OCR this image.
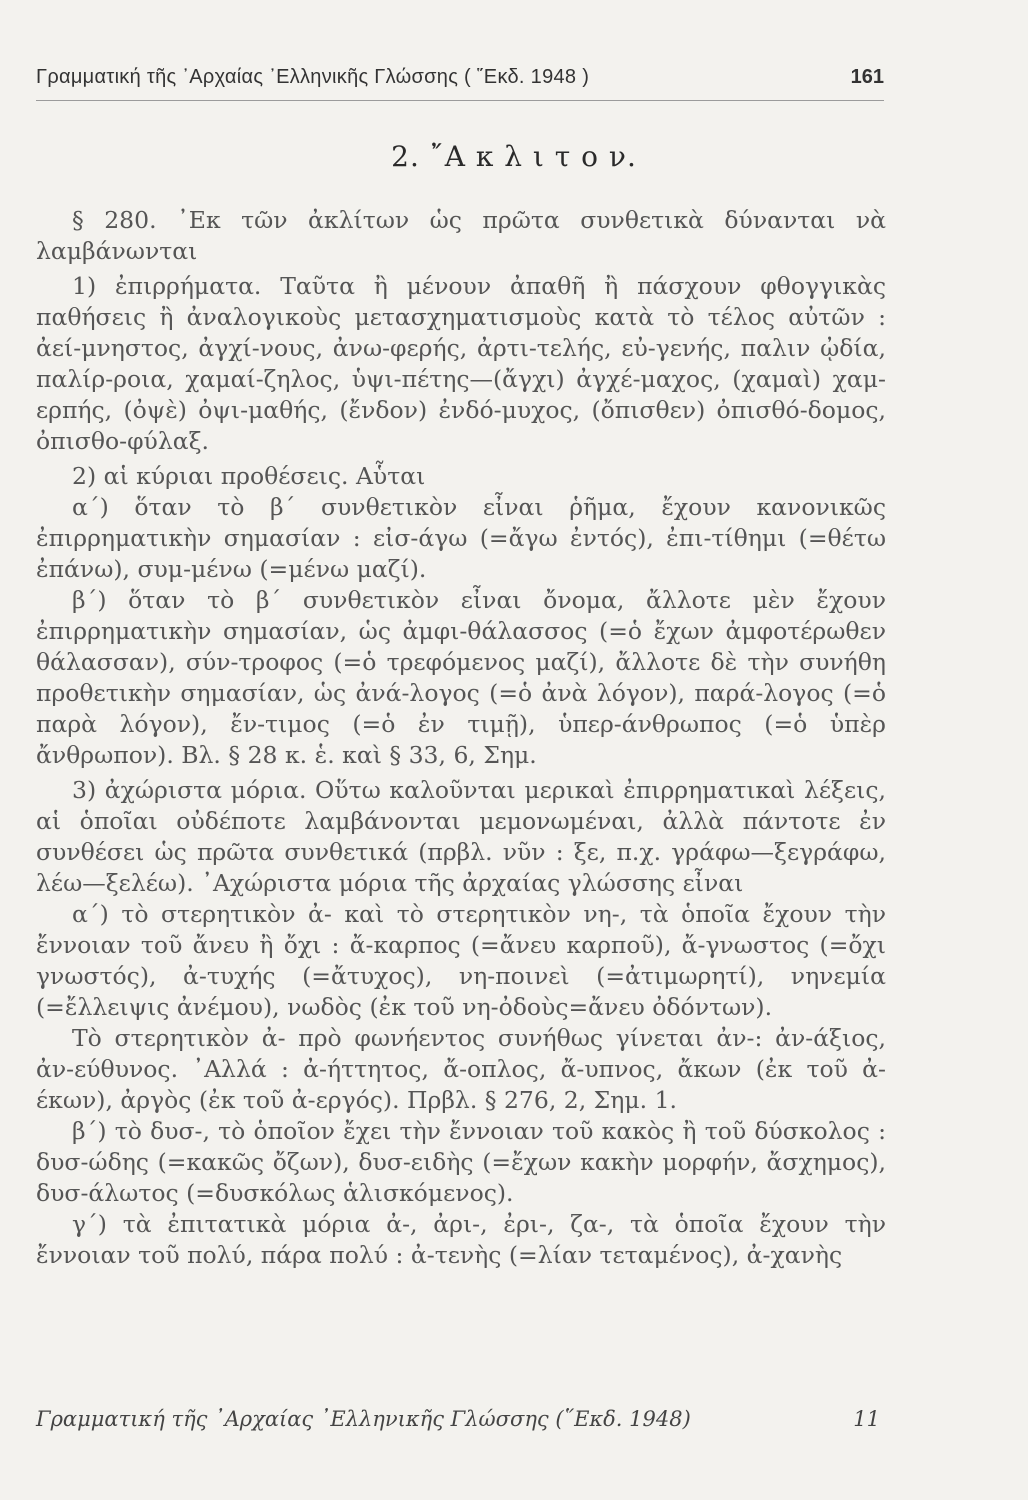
Γραμματική τῆς ᾿Αρχαίας ᾿Ελληνικῆς Γλώσσης ( ῞Εκδ. 1948 )	161
2. ῎Α κ λ ι τ ο ν.

§ 280. ᾿Εκ τῶν ἀκλίτων ὡς πρῶτα συνθετικὰ δύνανται νὰ λαμβάνωνται

1) ἐπιρρήματα. Ταῦτα ἢ μένουν ἀπαθῆ ἢ πάσχουν φθογγικὰς παθήσεις ἢ ἀναλογικοὺς μετασχηματισμοὺς κατὰ τὸ τέλος αὐτῶν : ἀεί-μνηστος, ἀγχί-νους, ἀνω-φερής, ἀρτι-τελής, εὐ-γενής, παλιν ᾠδία, παλίρ-ροια, χαμαί-ζηλος, ὑψι-πέτης—(ἄγχι) ἀγχέ-μαχος, (χαμαὶ) χαμ-ερπής, (ὀψὲ) ὀψι-μαθής, (ἔνδον) ἐνδό-μυχος, (ὄπισθεν) ὀπισθό-δομος, ὀπισθο-φύλαξ.

2) αἱ κύριαι προθέσεις. Αὗται

α΄) ὅταν τὸ β΄ συνθετικὸν εἶναι ῥῆμα, ἔχουν κανονικῶς ἐπιρρηματικὴν σημασίαν : εἰσ-άγω (=ἄγω ἐντός), ἐπι-τίθημι (=θέτω ἐπάνω), συμ-μένω (=μένω μαζί).

β΄) ὅταν τὸ β΄ συνθετικὸν εἶναι ὄνομα, ἄλλοτε μὲν ἔχουν ἐπιρρηματικὴν σημασίαν, ὡς ἀμφι-θάλασσος (=ὁ ἔχων ἀμφοτέρωθεν θάλασσαν), σύν-τροφος (=ὁ τρεφόμενος μαζί), ἄλλοτε δὲ τὴν συνήθη προθετικὴν σημασίαν, ὡς ἀνά-λογος (=ὁ ἀνὰ λόγον), παρά-λογος (=ὁ παρὰ λόγον), ἔν-τιμος (=ὁ ἐν τιμῇ), ὑπερ-άνθρωπος (=ὁ ὑπὲρ ἄνθρωπον). Βλ. § 28 κ. ἑ. καὶ § 33, 6, Σημ.

3) ἀχώριστα μόρια. Οὕτω καλοῦνται μερικαὶ ἐπιρρηματικαὶ λέξεις, αἱ ὁποῖαι οὐδέποτε λαμβάνονται μεμονωμέναι, ἀλλὰ πάντοτε ἐν συνθέσει ὡς πρῶτα συνθετικά (πρβλ. νῦν : ξε, π.χ. γράφω—ξεγράφω, λέω—ξελέω). ᾿Αχώριστα μόρια τῆς ἀρχαίας γλώσσης εἶναι

α΄) τὸ στερητικὸν ἀ- καὶ τὸ στερητικὸν νη-, τὰ ὁποῖα ἔχουν τὴν ἔννοιαν τοῦ ἄνευ ἢ ὄχι : ἄ-καρπος (=ἄνευ καρποῦ), ἄ-γνωστος (=ὄχι γνωστός), ἀ-τυχής (=ἄτυχος), νη-ποινεὶ (=ἀτιμωρητί), νηνεμία (=ἔλλειψις ἀνέμου), νωδὸς (ἐκ τοῦ νη-ὀδοὺς=ἄνευ ὀδόντων).

Τὸ στερητικὸν ἀ- πρὸ φωνήεντος συνήθως γίνεται ἀν-: ἀν-άξιος, ἀν-εύθυνος. ᾿Αλλά : ἀ-ήττητος, ἄ-οπλος, ἄ-υπνος, ἄκων (ἐκ τοῦ ἀ-έκων), ἀργὸς (ἐκ τοῦ ἀ-εργός). Πρβλ. § 276, 2, Σημ. 1.

β΄) τὸ δυσ-, τὸ ὁποῖον ἔχει τὴν ἔννοιαν τοῦ κακὸς ἢ τοῦ δύσκολος : δυσ-ώδης (=κακῶς ὄζων), δυσ-ειδὴς (=ἔχων κακὴν μορφήν, ἄσχημος), δυσ-άλωτος (=δυσκόλως ἁλισκόμενος).

γ΄) τὰ ἐπιτατικὰ μόρια ἀ-, ἀρι-, ἐρι-, ζα-, τὰ ὁποῖα ἔχουν τὴν ἔννοιαν τοῦ πολύ, πάρα πολύ : ἀ-τενὴς (=λίαν τεταμένος), ἀ-χανὴς

Γραμματική τῆς ᾿Αρχαίας ᾿Ελληνικῆς Γλώσσης (῞Εκδ. 1948)	11
